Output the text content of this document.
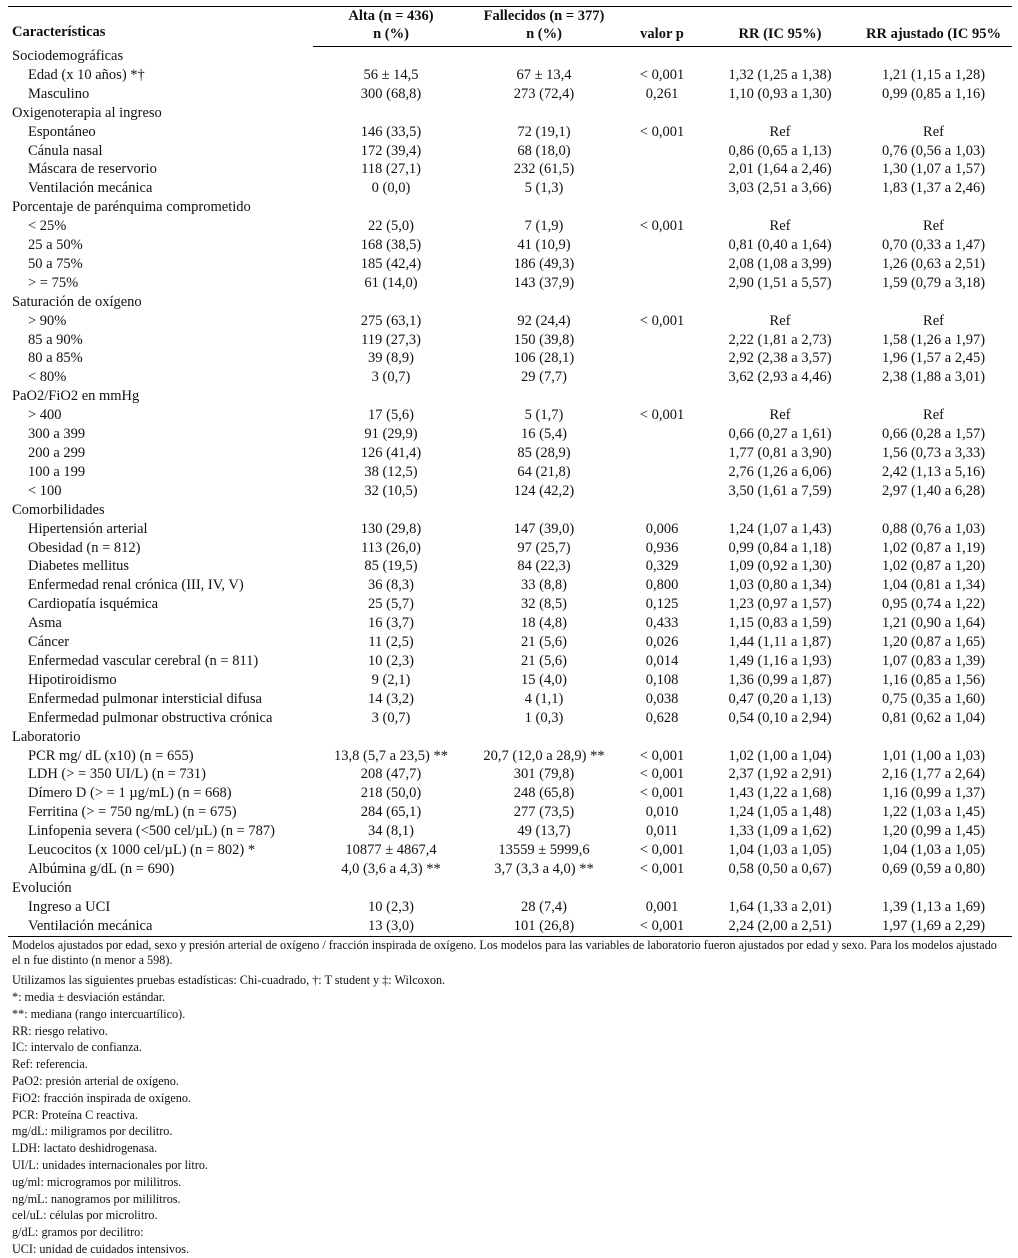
Características	Alta (n = 436)	Fallecidos (n = 377)			
	n (%)	n (%)	valor p	RR (IC 95%)	RR ajustado (IC 95%
Sociodemográficas					
Edad (x 10 años) *†	56 ± 14,5	67 ± 13,4	< 0,001	1,32 (1,25 a 1,38)	1,21 (1,15 a 1,28)
Masculino	300 (68,8)	273 (72,4)	0,261	1,10 (0,93 a 1,30)	0,99 (0,85 a 1,16)
Oxigenoterapia al ingreso					
Espontáneo	146 (33,5)	72 (19,1)	< 0,001	Ref	Ref
Cánula nasal	172 (39,4)	68 (18,0)		0,86 (0,65 a 1,13)	0,76 (0,56 a 1,03)
Máscara de reservorio	118 (27,1)	232 (61,5)		2,01 (1,64 a 2,46)	1,30 (1,07 a 1,57)
Ventilación mecánica	0 (0,0)	5 (1,3)		3,03 (2,51 a 3,66)	1,83 (1,37 a 2,46)
Porcentaje de parénquima comprometido					
< 25%	22 (5,0)	7 (1,9)	< 0,001	Ref	Ref
25 a 50%	168 (38,5)	41 (10,9)		0,81 (0,40 a 1,64)	0,70 (0,33 a 1,47)
50 a 75%	185 (42,4)	186 (49,3)		2,08 (1,08 a 3,99)	1,26 (0,63 a 2,51)
> = 75%	61 (14,0)	143 (37,9)		2,90 (1,51 a 5,57)	1,59 (0,79 a 3,18)
Saturación de oxígeno					
> 90%	275 (63,1)	92 (24,4)	< 0,001	Ref	Ref
85 a 90%	119 (27,3)	150 (39,8)		2,22 (1,81 a 2,73)	1,58 (1,26 a 1,97)
80 a 85%	39 (8,9)	106 (28,1)		2,92 (2,38 a 3,57)	1,96 (1,57 a 2,45)
< 80%	3 (0,7)	29 (7,7)		3,62 (2,93 a 4,46)	2,38 (1,88 a 3,01)
PaO2/FiO2 en mmHg					
> 400	17 (5,6)	5 (1,7)	< 0,001	Ref	Ref
300 a 399	91 (29,9)	16 (5,4)		0,66 (0,27 a 1,61)	0,66 (0,28 a 1,57)
200 a 299	126 (41,4)	85 (28,9)		1,77 (0,81 a 3,90)	1,56 (0,73 a 3,33)
100 a 199	38 (12,5)	64 (21,8)		2,76 (1,26 a 6,06)	2,42 (1,13 a 5,16)
< 100	32 (10,5)	124 (42,2)		3,50 (1,61 a 7,59)	2,97 (1,40 a 6,28)
Comorbilidades					
Hipertensión arterial	130 (29,8)	147 (39,0)	0,006	1,24 (1,07 a 1,43)	0,88 (0,76 a 1,03)
Obesidad (n = 812)	113 (26,0)	97 (25,7)	0,936	0,99 (0,84 a 1,18)	1,02 (0,87 a 1,19)
Diabetes mellitus	85 (19,5)	84 (22,3)	0,329	1,09 (0,92 a 1,30)	1,02 (0,87 a 1,20)
Enfermedad renal crónica (III, IV, V)	36 (8,3)	33 (8,8)	0,800	1,03 (0,80 a 1,34)	1,04 (0,81 a 1,34)
Cardiopatía isquémica	25 (5,7)	32 (8,5)	0,125	1,23 (0,97 a 1,57)	0,95 (0,74 a 1,22)
Asma	16 (3,7)	18 (4,8)	0,433	1,15 (0,83 a 1,59)	1,21 (0,90 a 1,64)
Cáncer	11 (2,5)	21 (5,6)	0,026	1,44 (1,11 a 1,87)	1,20 (0,87 a 1,65)
Enfermedad vascular cerebral (n = 811)	10 (2,3)	21 (5,6)	0,014	1,49 (1,16 a 1,93)	1,07 (0,83 a 1,39)
Hipotiroidismo	9 (2,1)	15 (4,0)	0,108	1,36 (0,99 a 1,87)	1,16 (0,85 a 1,56)
Enfermedad pulmonar intersticial difusa	14 (3,2)	4 (1,1)	0,038	0,47 (0,20 a 1,13)	0,75 (0,35 a 1,60)
Enfermedad pulmonar obstructiva crónica	3 (0,7)	1 (0,3)	0,628	0,54 (0,10 a 2,94)	0,81 (0,62 a 1,04)
Laboratorio					
PCR mg/ dL (x10) (n = 655)	13,8 (5,7 a 23,5) **	20,7 (12,0 a 28,9) **	< 0,001	1,02 (1,00 a 1,04)	1,01 (1,00 a 1,03)
LDH (> = 350 UI/L) (n = 731)	208 (47,7)	301 (79,8)	< 0,001	2,37 (1,92 a 2,91)	2,16 (1,77 a 2,64)
Dímero D (> = 1 µg/mL) (n = 668)	218 (50,0)	248 (65,8)	< 0,001	1,43 (1,22 a 1,68)	1,16 (0,99 a 1,37)
Ferritina (> = 750 ng/mL) (n = 675)	284 (65,1)	277 (73,5)	0,010	1,24 (1,05 a 1,48)	1,22 (1,03 a 1,45)
Linfopenia severa (<500 cel/µL) (n = 787)	34 (8,1)	49 (13,7)	0,011	1,33 (1,09 a 1,62)	1,20 (0,99 a 1,45)
Leucocitos (x 1000 cel/µL) (n = 802) *	10877 ± 4867,4	13559 ± 5999,6	< 0,001	1,04 (1,03 a 1,05)	1,04 (1,03 a 1,05)
Albúmina g/dL (n = 690)	4,0 (3,6 a 4,3) **	3,7 (3,3 a 4,0) **	< 0,001	0,58 (0,50 a 0,67)	0,69 (0,59 a 0,80)
Evolución					
Ingreso a UCI	10 (2,3)	28 (7,4)	0,001	1,64 (1,33 a 2,01)	1,39 (1,13 a 1,69)
Ventilación mecánica	13 (3,0)	101 (26,8)	< 0,001	2,24 (2,00 a 2,51)	1,97 (1,69 a 2,29)
Modelos ajustados por edad, sexo y presión arterial de oxígeno / fracción inspirada de oxígeno. Los modelos para las variables de laboratorio fueron ajustados por edad y sexo. Para los modelos ajustado el n fue distinto (n menor a 598).
Utilizamos las siguientes pruebas estadísticas: Chi-cuadrado, †: T student y ‡: Wilcoxon.
*: media ± desviación estándar.
**: mediana (rango intercuartílico).
RR: riesgo relativo.
IC: intervalo de confianza.
Ref: referencia.
PaO2: presión arterial de oxígeno.
FiO2: fracción inspirada de oxígeno.
PCR: Proteína C reactiva.
mg/dL: miligramos por decilitro.
LDH: lactato deshidrogenasa.
UI/L: unidades internacionales por litro.
ug/ml: microgramos por mililitros.
ng/mL: nanogramos por mililitros.
cel/uL: células por microlitro.
g/dL: gramos por decilitro:
UCI: unidad de cuidados intensivos.
